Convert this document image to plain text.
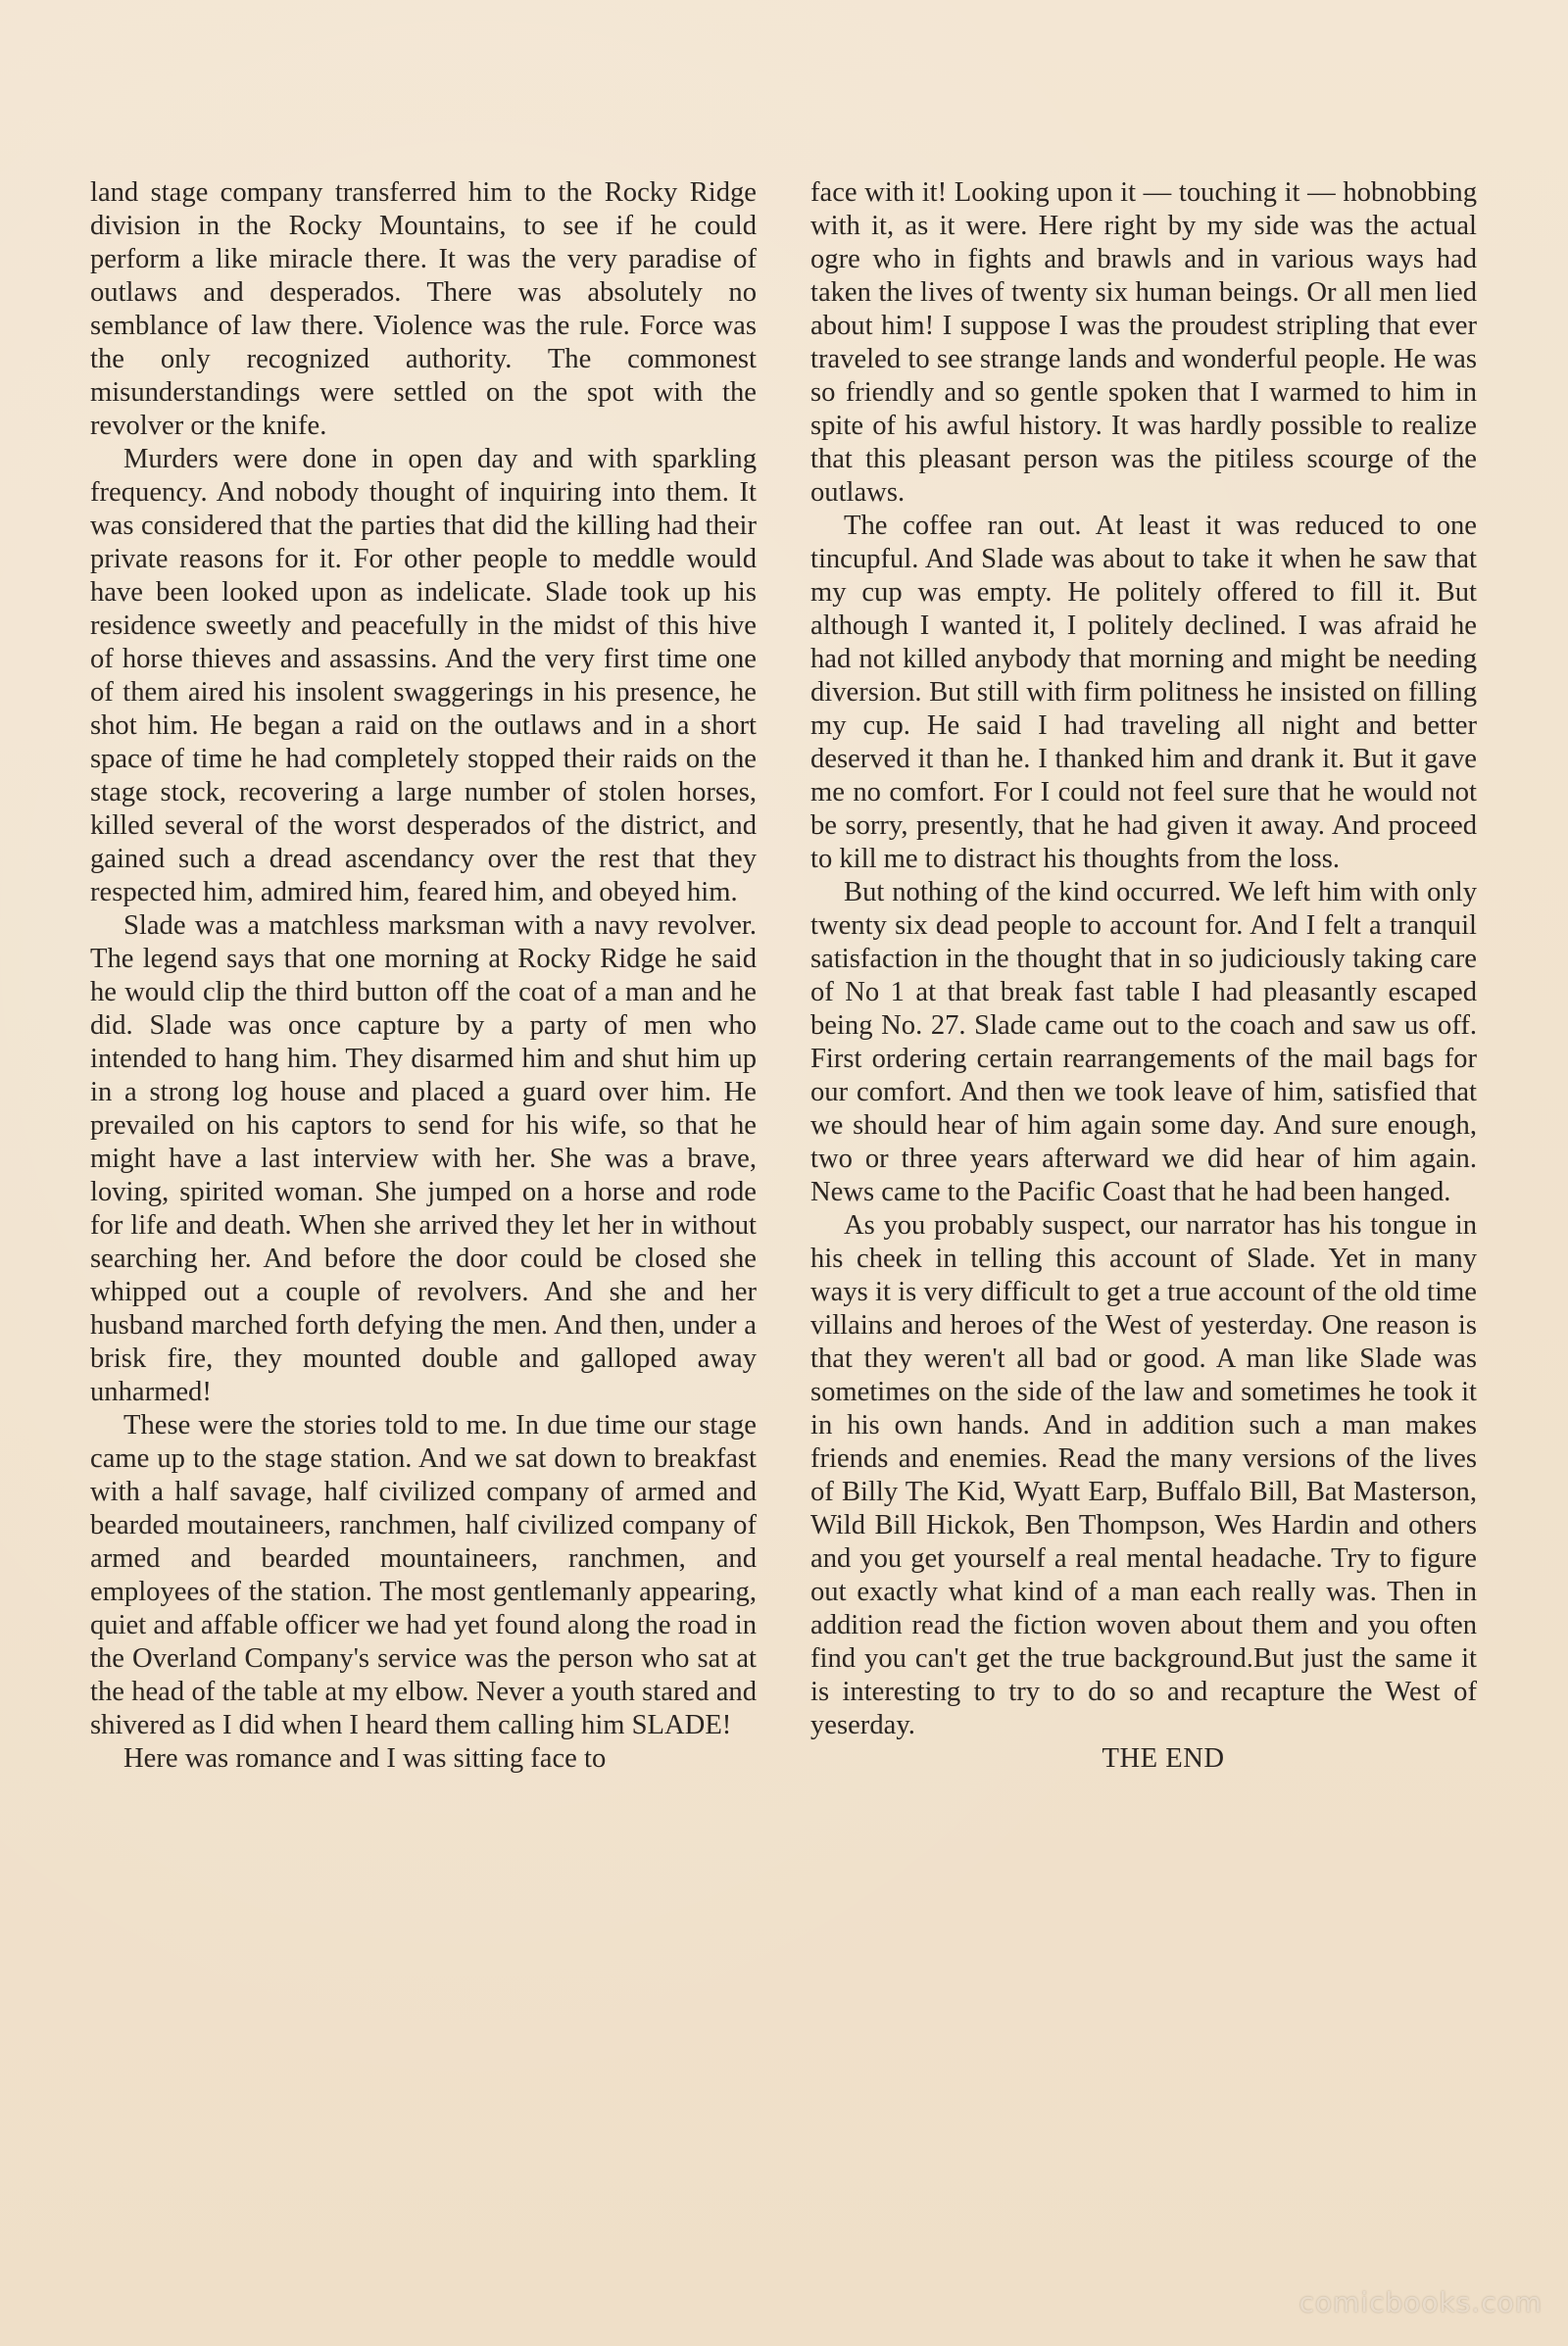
land stage company transferred him to the Rocky Ridge division in the Rocky Mountains, to see if he could perform a like miracle there. It was the very paradise of outlaws and desperados. There was absolutely no semblance of law there. Violence was the rule. Force was the only recognized authority. The commonest misunderstandings were settled on the spot with the revolver or the knife.

Murders were done in open day and with sparkling frequency. And nobody thought of inquiring into them. It was considered that the parties that did the killing had their private reasons for it. For other people to meddle would have been looked upon as indelicate. Slade took up his residence sweetly and peacefully in the midst of this hive of horse thieves and assassins. And the very first time one of them aired his insolent swaggerings in his presence, he shot him. He began a raid on the outlaws and in a short space of time he had completely stopped their raids on the stage stock, recovering a large number of stolen horses, killed several of the worst desperados of the district, and gained such a dread ascendancy over the rest that they respected him, admired him, feared him, and obeyed him.

Slade was a matchless marksman with a navy revolver. The legend says that one morning at Rocky Ridge he said he would clip the third button off the coat of a man and he did. Slade was once capture by a party of men who intended to hang him. They disarmed him and shut him up in a strong log house and placed a guard over him. He prevailed on his captors to send for his wife, so that he might have a last interview with her. She was a brave, loving, spirited woman. She jumped on a horse and rode for life and death. When she arrived they let her in without searching her. And before the door could be closed she whipped out a couple of revolvers. And she and her husband marched forth defying the men. And then, under a brisk fire, they mounted double and galloped away unharmed!

These were the stories told to me. In due time our stage came up to the stage station. And we sat down to breakfast with a half savage, half civilized company of armed and bearded moutaineers, ranchmen, half civilized company of armed and bearded mountaineers, ranchmen, and employees of the station. The most gentlemanly appearing, quiet and affable officer we had yet found along the road in the Overland Company's service was the person who sat at the head of the table at my elbow. Never a youth stared and shivered as I did when I heard them calling him SLADE!

Here was romance and I was sitting face to

face with it! Looking upon it — touching it — hobnobbing with it, as it were. Here right by my side was the actual ogre who in fights and brawls and in various ways had taken the lives of twenty six human beings. Or all men lied about him! I suppose I was the proudest stripling that ever traveled to see strange lands and wonderful people. He was so friendly and so gentle spoken that I warmed to him in spite of his awful history. It was hardly possible to realize that this pleasant person was the pitiless scourge of the outlaws.

The coffee ran out. At least it was reduced to one tincupful. And Slade was about to take it when he saw that my cup was empty. He politely offered to fill it. But although I wanted it, I politely declined. I was afraid he had not killed anybody that morning and might be needing diversion. But still with firm politness he insisted on filling my cup. He said I had traveling all night and better deserved it than he. I thanked him and drank it. But it gave me no comfort. For I could not feel sure that he would not be sorry, presently, that he had given it away. And proceed to kill me to distract his thoughts from the loss.

But nothing of the kind occurred. We left him with only twenty six dead people to account for. And I felt a tranquil satisfaction in the thought that in so judiciously taking care of No 1 at that break fast table I had pleasantly escaped being No. 27. Slade came out to the coach and saw us off. First ordering certain rearrangements of the mail bags for our comfort. And then we took leave of him, satisfied that we should hear of him again some day. And sure enough, two or three years afterward we did hear of him again. News came to the Pacific Coast that he had been hanged.

As you probably suspect, our narrator has his tongue in his cheek in telling this account of Slade. Yet in many ways it is very difficult to get a true account of the old time villains and heroes of the West of yesterday. One reason is that they weren't all bad or good. A man like Slade was sometimes on the side of the law and sometimes he took it in his own hands. And in addition such a man makes friends and enemies. Read the many versions of the lives of Billy The Kid, Wyatt Earp, Buffalo Bill, Bat Masterson, Wild Bill Hickok, Ben Thompson, Wes Hardin and others and you get yourself a real mental headache. Try to figure out exactly what kind of a man each really was. Then in addition read the fiction woven about them and you often find you can't get the true background.But just the same it is interesting to try to do so and recapture the West of yeserday.

THE END

comicbooks.com
